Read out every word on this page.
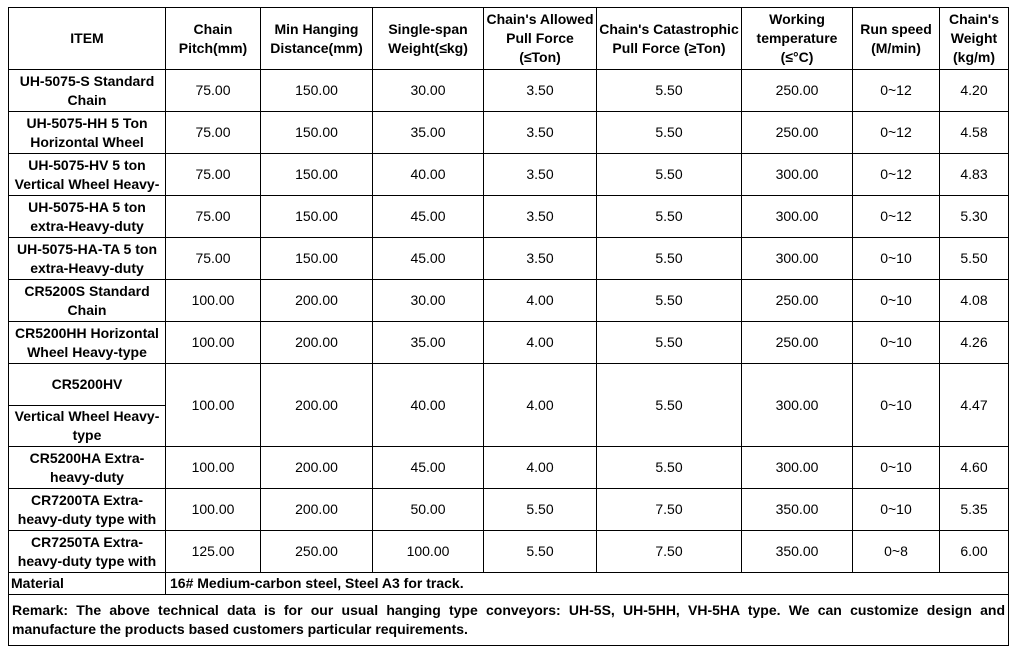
ITEM	Chain Pitch(mm)	Min Hanging Distance(mm)	Single-span Weight(≤kg)	Chain's Allowed Pull Force (≤Ton)	Chain's Catastrophic Pull Force (≥Ton)	Working temperature (≤°C)	Run speed (M/min)	Chain's Weight (kg/m)

UH-5075-S Standard Chain	75.00	150.00	30.00	3.50	5.50	250.00	0~12	4.20

UH-5075-HH 5 Ton Horizontal Wheel	75.00	150.00	35.00	3.50	5.50	250.00	0~12	4.58

UH-5075-HV 5 ton Vertical Wheel Heavy-	75.00	150.00	40.00	3.50	5.50	300.00	0~12	4.83

UH-5075-HA 5 ton extra-Heavy-duty	75.00	150.00	45.00	3.50	5.50	300.00	0~12	5.30

UH-5075-HA-TA 5 ton extra-Heavy-duty	75.00	150.00	45.00	3.50	5.50	300.00	0~10	5.50

CR5200S Standard Chain	100.00	200.00	30.00	4.00	5.50	250.00	0~10	4.08

CR5200HH Horizontal Wheel Heavy-type	100.00	200.00	35.00	4.00	5.50	250.00	0~10	4.26
CR5200HV	100.00	200.00	40.00	4.00	5.50	300.00	0~10	4.47
Vertical Wheel Heavy-type								

CR5200HA Extra-heavy-duty	100.00	200.00	45.00	4.00	5.50	300.00	0~10	4.60

CR7200TA Extra-heavy-duty type with	100.00	200.00	50.00	5.50	7.50	350.00	0~10	5.35

CR7250TA Extra-heavy-duty type with	125.00	250.00	100.00	5.50	7.50	350.00	0~8	6.00
Material	16# Medium-carbon steel, Steel A3 for track.							
Remark: The above technical data is for our usual hanging type conveyors: UH-5S, UH-5HH, VH-5HA type. We can customize design and manufacture the products based customers particular requirements.								
